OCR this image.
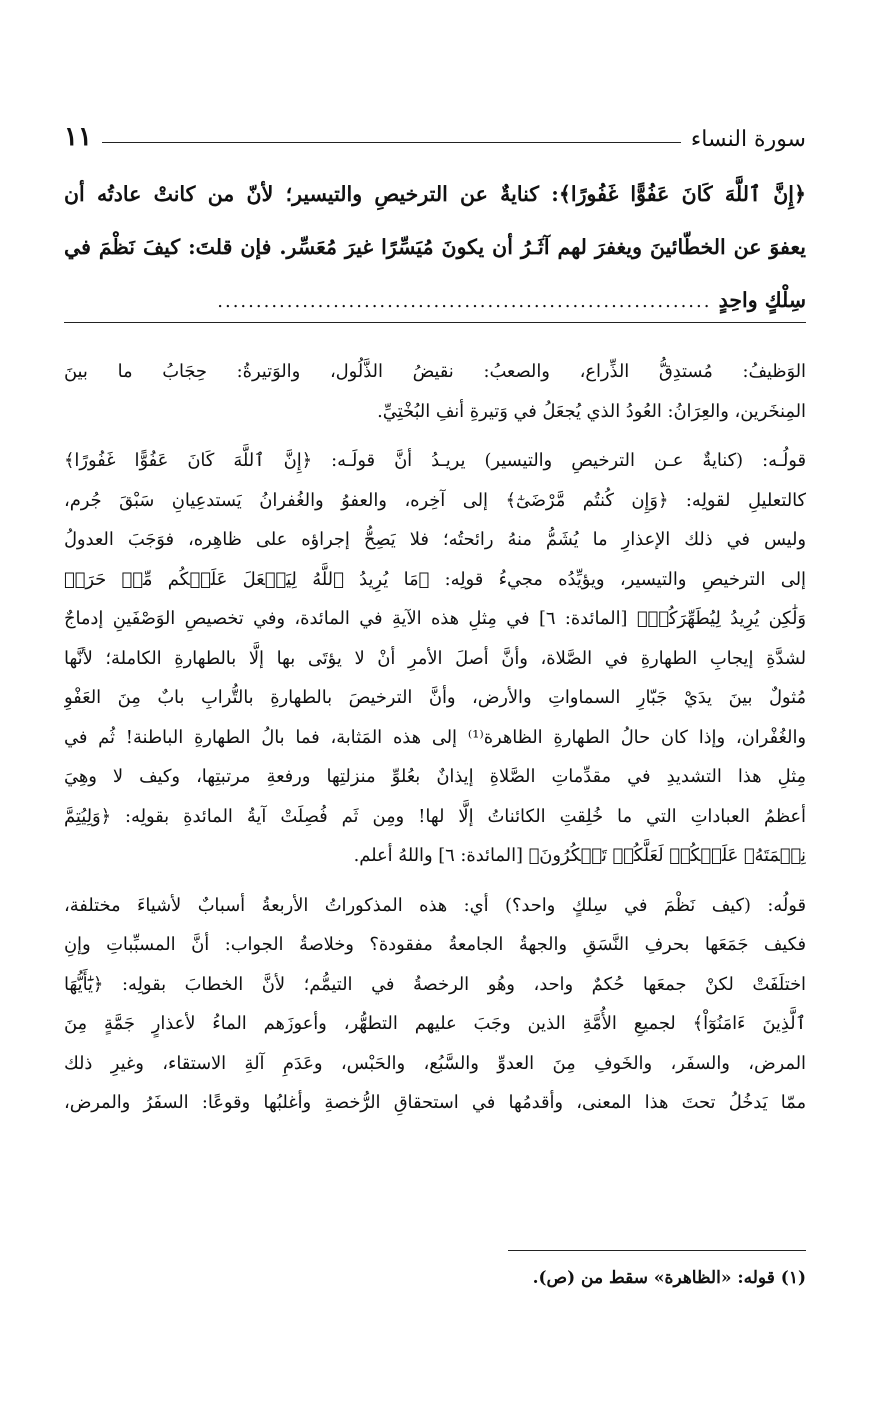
سورة النساء
١١
﴿إِنَّ ٱللَّهَ كَانَ عَفُوًّا غَفُورًا﴾: كنايةٌ عن الترخيصِ والتيسير؛ لأنّ من كانتْ عادتُه أن
يعفوَ عن الخطّائينَ ويغفرَ لهم آثَـرُ أن يكونَ مُيَسِّرًا غيرَ مُعَسِّر. فإن قلتَ: كيفَ نَظْمَ في
سِلْكٍ واحِدٍ ................................................................
الوَظيفُ: مُستدِقُّ الذِّراع، والصعبُ: نقيضُ الذَّلُول، والوَتيرةُ: حِجَابُ ما بينَ
المِنخَرين، والعِرَانُ: العُودُ الذي يُجعَلُ في وَتيرةِ أنفِ البُخْتِيِّ.
قولُـه: (كنايةٌ عـن الترخيصِ والتيسير) يريـدُ أنَّ قولَـه: ﴿إِنَّ ٱللَّهَ كَانَ عَفُوًّا غَفُورًا﴾
كالتعليلِ لقولِه: ﴿وَإِن كُنتُم مَّرْضَىٰٓ﴾ إلى آخِره، والعفوُ والغُفرانُ يَستدعِيانِ سَبْقَ جُرم،
وليس في ذلك الإعذارِ ما يُشَمُّ منهُ رائحتُه؛ فلا يَصِحُّ إجراؤه على ظاهِره، فوَجَبَ العدولُ
إلى الترخيصِ والتيسير، ويؤيِّدُه مجيءُ قولِه: ﴿مَا يُرِيدُ ٱللَّهُ لِيَجۡعَلَ عَلَيۡكُم مِّنۡ حَرَجٖ
وَلَٰكِن يُرِيدُ لِيُطَهِّرَكُمۡ﴾ [المائدة: ٦] في مِثلِ هذه الآيةِ في المائدة، وفي تخصيصِ الوَصْفَينِ إدماجٌ
لشدَّةِ إيجابِ الطهارةِ في الصَّلاة، وأنَّ أصلَ الأمرِ أنْ لا يؤتَى بها إلَّا بالطهارةِ الكاملة؛ لأنَّها
مُثولٌ بينَ يدَيْ جَبّارِ السماواتِ والأرض، وأنَّ الترخيصَ بالطهارةِ بالتُّرابِ بابٌ مِنَ العَفْوِ
والغُفْران، وإذا كان حالُ الطهارةِ الظاهرة⁽¹⁾ إلى هذه المَثابة، فما بالُ الطهارةِ الباطنة! ثُم في
مِثلِ هذا التشديدِ في مقدِّماتِ الصَّلاةِ إيذانٌ بعُلوِّ منزلتِها ورفعةِ مرتبتِها، وكيف لا وهِيَ
أعظمُ العباداتِ التي ما خُلِقتِ الكائناتُ إلَّا لها! ومِن ثَم فُصِلَتْ آيةُ المائدةِ بقولِه: ﴿وَلِيُتِمَّ
نِعۡمَتَهُۥ عَلَيۡكُمۡ لَعَلَّكُمۡ تَشۡكُرُونَ﴾ [المائدة: ٦] واللهُ أعلم.
قولُه: (كيف نَظْمَ في سِلكٍ واحد؟) أي: هذه المذكوراتُ الأربعةُ أسبابٌ لأشياءَ مختلفة،
فكيف جَمَعَها بحرفِ النَّسَقِ والجهةُ الجامعةُ مفقودة؟ وخلاصةُ الجواب: أنَّ المسبِّباتِ وإنِ
اختلَفَتْ لكنْ جمعَها حُكمٌ واحد، وهُو الرخصةُ في التيمُّم؛ لأنَّ الخطابَ بقولِه: ﴿يَٰٓأَيُّهَا
ٱلَّذِينَ ءَامَنُوٓاْ﴾ لجميعِ الأُمَّةِ الذين وجَبَ عليهم التطهُّر، وأعوزَهم الماءُ لأعذارٍ جَمَّةٍ مِنَ
المرض، والسفَر، والخَوفِ مِنَ العدوِّ والسَّبُع، والحَبْس، وعَدَمِ آلةِ الاستقاء، وغيرِ ذلك
ممّا يَدخُلُ تحتَ هذا المعنى، وأقدمُها في استحقاقِ الرُّخصةِ وأغلبُها وقوعًا: السفَرُ والمرض،
(١) قوله: «الظاهرة» سقط من (ص).
